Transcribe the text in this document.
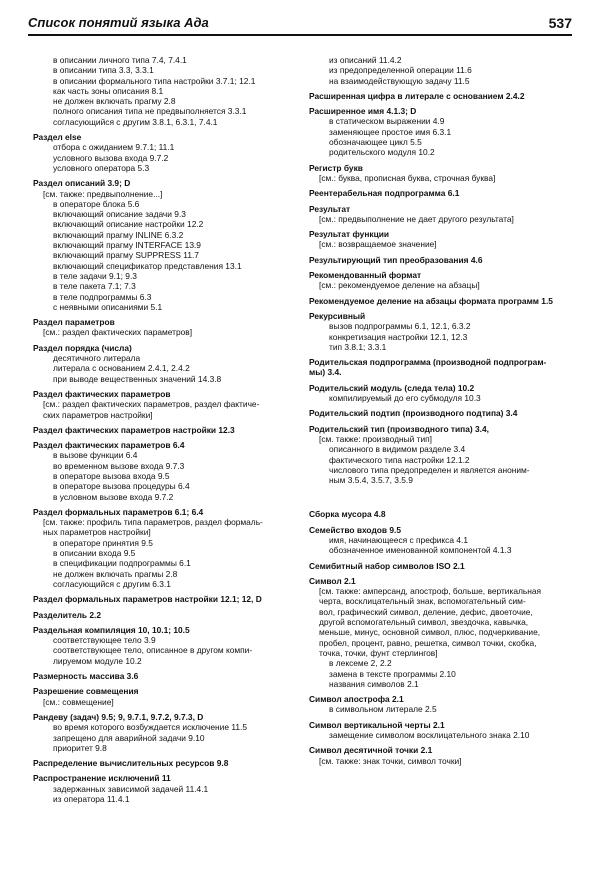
Список понятий языка Ада	537
в описании личного типа 7.4, 7.4.1
в описании типа 3.3, 3.3.1
в описании формального типа настройки 3.7.1; 12.1
как часть зоны описания 8.1
не должен включать прагму 2.8
полного описания типа не предвыполняется 3.3.1
согласующийся с другим 3.8.1, 6.3.1, 7.4.1
Раздел else
отбора с ожиданием 9.7.1; 11.1
условного вызова входа 9.7.2
условного оператора 5.3
Раздел описаний 3.9; D
[см. также: предвыполнение...]
в операторе блока 5.6
включающий описание задачи 9.3
включающий описание настройки 12.2
включающий прагму INLINE 6.3.2
включающий прагму INTERFACE 13.9
включающий прагму SUPPRESS 11.7
включающий спецификатор представления 13.1
в теле задачи 9.1; 9.3
в теле пакета 7.1; 7.3
в теле подпрограммы 6.3
с неявными описаниями 5.1
Раздел параметров
[см.: раздел фактических параметров]
Раздел порядка (числа)
десятичного литерала
литерала с основанием 2.4.1, 2.4.2
при выводе вещественных значений 14.3.8
Раздел фактических параметров
[см.: раздел фактических параметров, раздел фактиче-
ских параметров настройки]
Раздел фактических параметров настройки 12.3
Раздел фактических параметров 6.4
в вызове функции 6.4
во временном вызове входа 9.7.3
в операторе вызова входа 9.5
в операторе вызова процедуры 6.4
в условном вызове входа 9.7.2
Раздел формальных параметров 6.1; 6.4
[см. также: профиль типа параметров, раздел формаль-
ных параметров настройки]
в операторе принятия 9.5
в описании входа 9.5
в спецификации подпрограммы 6.1
не должен включать прагмы 2.8
согласующийся с другим 6.3.1
Раздел формальных параметров настройки 12.1; 12, D
Разделитель 2.2
Раздельная компиляция 10, 10.1; 10.5
соответствующее тело 3.9
соответствующее тело, описанное в другом компи-
лируемом модуле 10.2
Размерность массива 3.6
Разрешение совмещения
[см.: совмещение]
Рандеву (задач) 9.5; 9, 9.7.1, 9.7.2, 9.7.3, D
во время которого возбуждается исключение 11.5
запрещено для аварийной задачи 9.10
приоритет 9.8
Распределение вычислительных ресурсов 9.8
Распространение исключений 11
задержанных зависимой задачей 11.4.1
из оператора 11.4.1
из описаний 11.4.2
из предопределенной операции 11.6
на взаимодействующую задачу 11.5
Расширенная цифра в литерале с основанием 2.4.2
Расширенное имя 4.1.3; D
в статическом выражении 4.9
заменяющее простое имя 6.3.1
обозначающее цикл 5.5
родительского модуля 10.2
Регистр букв
[см.: буква, прописная буква, строчная буква]
Реентерабельная подпрограмма 6.1
Результат
[см.: предвыполнение не дает другого результата]
Результат функции
[см.: возвращаемое значение]
Результирующий тип преобразования 4.6
Рекомендованный формат
[см.: рекомендуемое деление на абзацы]
Рекомендуемое деление на абзацы формата программ 1.5
Рекурсивный
вызов подпрограммы 6.1, 12.1, 6.3.2
конкретизация настройки 12.1, 12.3
тип 3.8.1; 3.3.1
Родительская подпрограмма (производной подпрограм-
мы) 3.4.
Родительский модуль (следа тела) 10.2
компилируемый до его субмодуля 10.3
Родительский подтип (производного подтипа) 3.4
Родительский тип (производного типа) 3.4,
[см. также: производный тип]
описанного в видимом разделе 3.4
фактического типа настройки 12.1.2
числового типа предопределен и является аноним-
ным 3.5.4, 3.5.7, 3.5.9
Сборка мусора 4.8
Семейство входов 9.5
имя, начинающееся с префикса 4.1
обозначенное именованной компонентой 4.1.3
Семибитный набор символов ISO 2.1
Символ 2.1
[см. также: амперсанд, апостроф, больше, вертикальная
черта, восклицательный знак, вспомогательный сим-
вол, графический символ, деление, дефис, двоеточие,
другой вспомогательный символ, звездочка, кавычка,
меньше, минус, основной символ, плюс, подчеркивание,
пробел, процент, равно, решетка, символ точки, скобка,
точка, точки, фунт стерлингов]
в лексеме 2, 2.2
замена в тексте программы 2.10
названия символов 2.1
Символ апострофа 2.1
в символьном литерале 2.5
Символ вертикальной черты 2.1
замещение символом восклицательного знака 2.10
Символ десятичной точки 2.1
[см. также: знак точки, символ точки]
